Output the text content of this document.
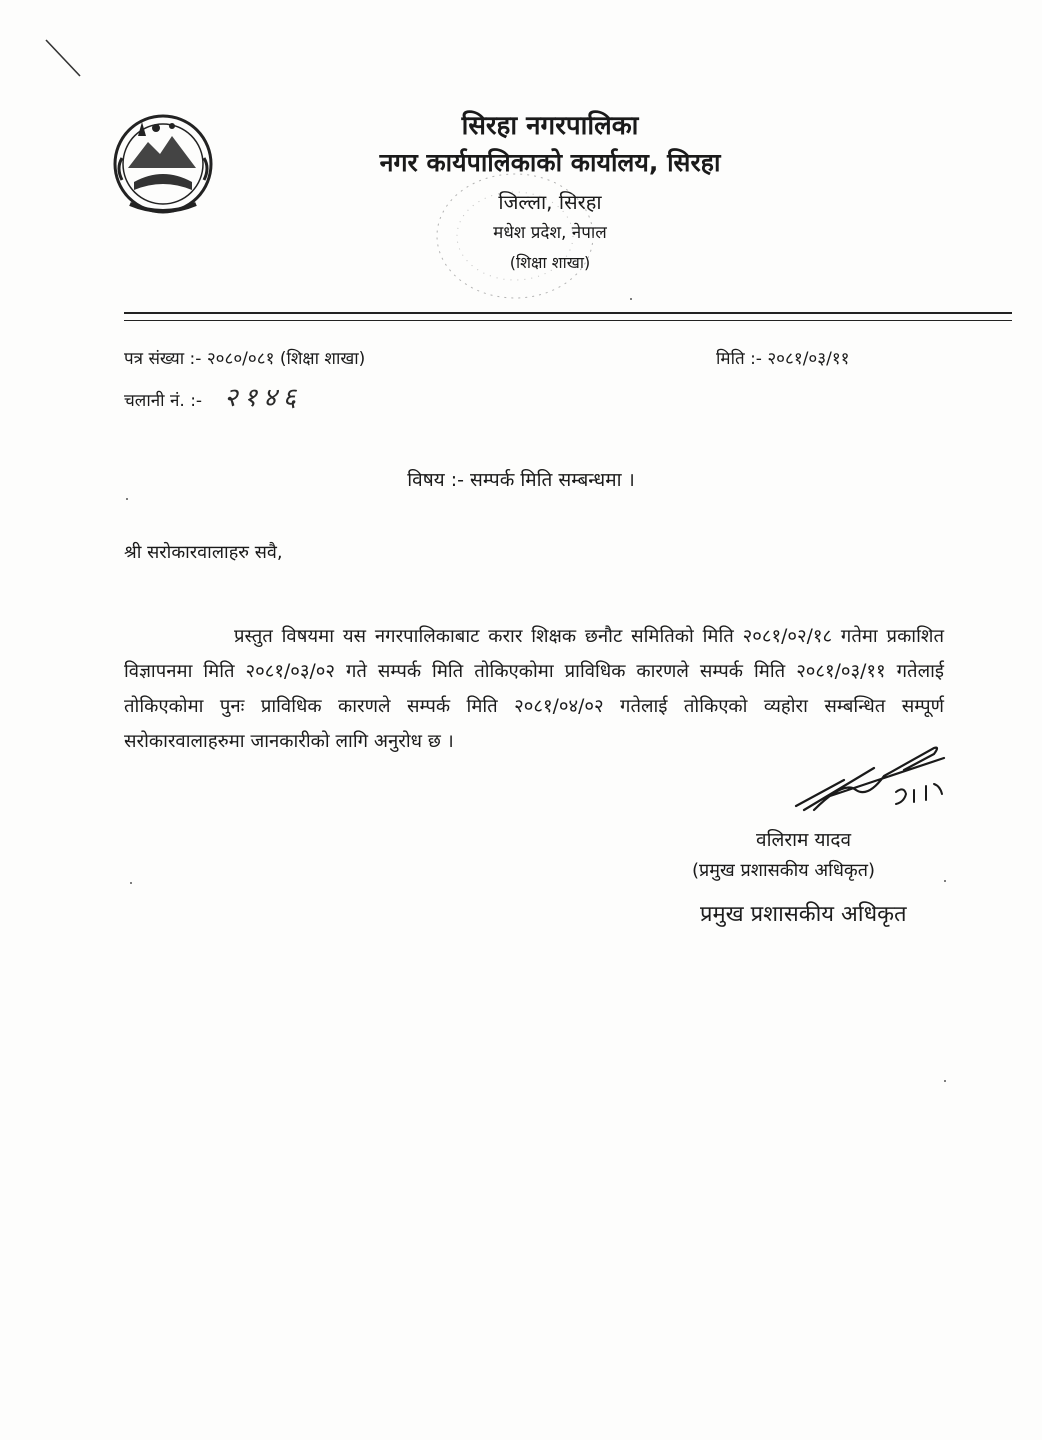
सिरहा नगरपालिका
नगर कार्यपालिकाको कार्यालय, सिरहा
जिल्ला, सिरहा
मधेश प्रदेश, नेपाल
(शिक्षा शाखा)
पत्र संख्या :- २०८०/०८१ (शिक्षा शाखा)	मिति :- २०८१/०३/११
चलानी नं. :- २१४६
विषय :- सम्पर्क मिति सम्बन्धमा ।
श्री सरोकारवालाहरु सवै,

प्रस्तुत विषयमा यस नगरपालिकाबाट करार शिक्षक छनौट समितिको मिति २०८१/०२/१८ गतेमा प्रकाशित विज्ञापनमा मिति २०८१/०३/०२ गते सम्पर्क मिति तोकिएकोमा प्राविधिक कारणले सम्पर्क मिति २०८१/०३/११ गतेलाई तोकिएकोमा पुनः प्राविधिक कारणले सम्पर्क मिति २०८१/०४/०२ गतेलाई तोकिएको व्यहोरा सम्बन्धित सम्पूर्ण सरोकारवालाहरुमा जानकारीको लागि अनुरोध छ ।

वलिराम यादव
(प्रमुख प्रशासकीय अधिकृत)
प्रमुख प्रशासकीय अधिकृत
